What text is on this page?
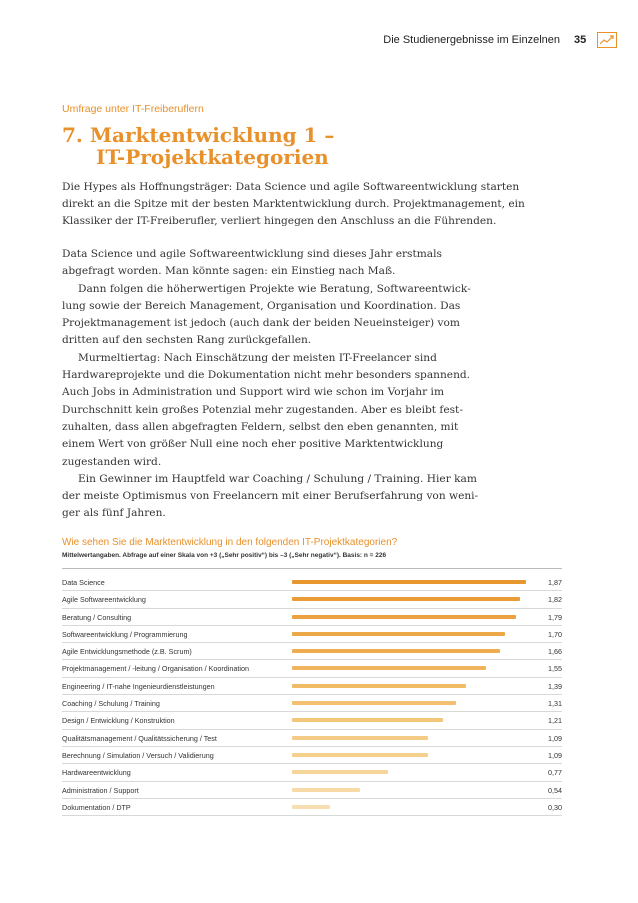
Die Studienergebnisse im Einzelnen 35
Umfrage unter IT-Freiberuflern
7. Marktentwicklung 1 –
IT-Projektkategorien
Die Hypes als Hoffnungsträger: Data Science und agile Softwareentwicklung starten direkt an die Spitze mit der besten Marktentwicklung durch. Projektmanagement, ein Klassiker der IT-Freiberufler, verliert hingegen den Anschluss an die Führenden.

Data Science und agile Softwareentwicklung sind dieses Jahr erstmals abgefragt worden. Man könnte sagen: ein Einstieg nach Maß.

Dann folgen die höherwertigen Projekte wie Beratung, Softwareentwick-lung sowie der Bereich Management, Organisation und Koordination. Das Projektmanagement ist jedoch (auch dank der beiden Neueinsteiger) vom dritten auf den sechsten Rang zurückgefallen.

Murmeltiertag: Nach Einschätzung der meisten IT-Freelancer sind Hardwareprojekte und die Dokumentation nicht mehr besonders spannend. Auch Jobs in Administration und Support wird wie schon im Vorjahr im Durchschnitt kein großes Potenzial mehr zugestanden. Aber es bleibt fest-zuhalten, dass allen abgefragten Feldern, selbst den eben genannten, mit einem Wert von größer Null eine noch eher positive Marktentwicklung zugestanden wird.

Ein Gewinner im Hauptfeld war Coaching / Schulung / Training. Hier kam der meiste Optimismus von Freelancern mit einer Berufserfahrung von weni-ger als fünf Jahren.

Wie sehen Sie die Marktentwicklung in den folgenden IT-Projektkategorien?
Mittelwertangaben. Abfrage auf einer Skala von +3 („Sehr positiv“) bis –3 („Sehr negativ“). Basis: n = 226
Data Science	1,87
Agile Softwareentwicklung	1,82
Beratung / Consulting	1,79
Softwareentwicklung / Programmierung	1,70
Agile Entwicklungsmethode (z.B. Scrum)	1,66
Projektmanagement / -leitung / Organisation / Koordination	1,55
Engineering / IT-nahe Ingenieurdienstleistungen	1,39
Coaching / Schulung / Training	1,31
Design / Entwicklung / Konstruktion	1,21
Qualitätsmanagement / Qualitätssicherung / Test	1,09
Berechnung / Simulation / Versuch / Validierung	1,09
Hardwareentwicklung	0,77
Administration / Support	0,54
Dokumentation / DTP	0,30
